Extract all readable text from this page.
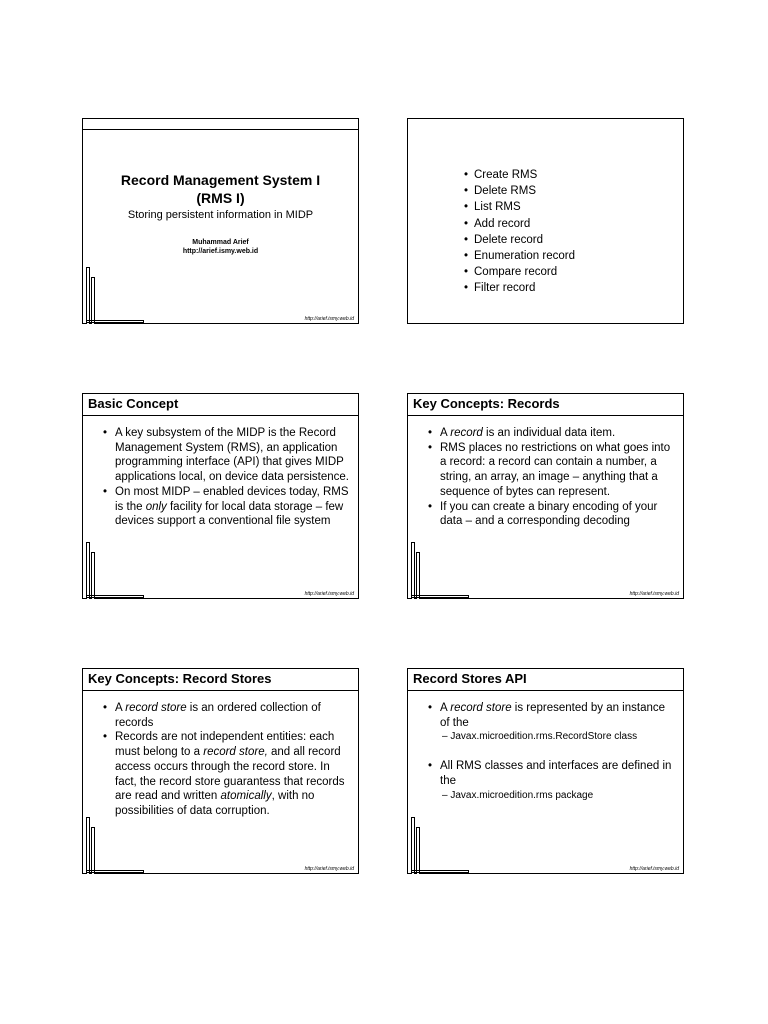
Record Management System I
(RMS I)
Storing persistent information in MIDP
Muhammad Arief
http://arief.ismy.web.id
http://arief.ismy.web.id
• Create RMS
• Delete RMS
• List RMS
• Add record
• Delete record
• Enumeration record
• Compare record
• Filter record
Basic Concept
• A key subsystem of the MIDP is the Record Management System (RMS), an application programming interface (API) that gives MIDP applications local, on device data persistence.
• On most MIDP – enabled devices today, RMS is the only facility for local data storage – few devices support a conventional file system
http://arief.ismy.web.id
Key Concepts: Records
• A record is an individual data item.
• RMS places no restrictions on what goes into a record: a record can contain a number, a string, an array, an image – anything that a sequence of bytes can represent.
• If you can create a binary encoding of your data – and a corresponding decoding
http://arief.ismy.web.id
Key Concepts: Record Stores
• A record store is an ordered collection of records
• Records are not independent entities: each must belong to a record store, and all record access occurs through the record store. In fact, the record store guarantess that records are read and written atomically, with no possibilities of data corruption.
http://arief.ismy.web.id
Record Stores API
• A record store is represented by an instance of the
– Javax.microedition.rms.RecordStore class
• All RMS classes and interfaces are defined in the
– Javax.microedition.rms package
http://arief.ismy.web.id
